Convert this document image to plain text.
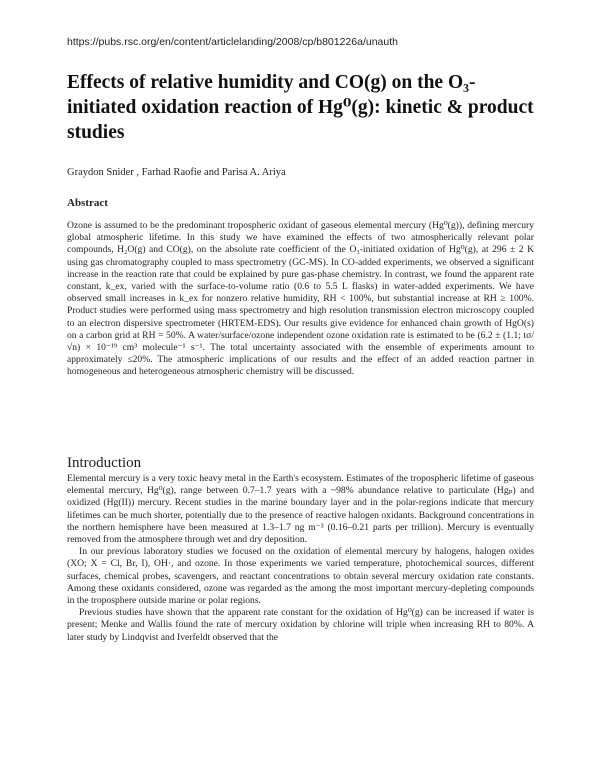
https://pubs.rsc.org/en/content/articlelanding/2008/cp/b801226a/unauth
Effects of relative humidity and CO(g) on the O₃-initiated oxidation reaction of Hg⁰(g): kinetic & product studies
Graydon Snider , Farhad Raofie and Parisa A. Ariya
Abstract

Ozone is assumed to be the predominant tropospheric oxidant of gaseous elemental mercury (Hg⁰(g)), defining mercury global atmospheric lifetime. In this study we have examined the effects of two atmospherically relevant polar compounds, H₂O(g) and CO(g), on the absolute rate coefficient of the O₃-initiated oxidation of Hg⁰(g), at 296 ± 2 K using gas chromatography coupled to mass spectrometry (GC-MS). In CO-added experiments, we observed a significant increase in the reaction rate that could be explained by pure gas-phase chemistry. In contrast, we found the apparent rate constant, k_ex, varied with the surface-to-volume ratio (0.6 to 5.5 L flasks) in water-added experiments. We have observed small increases in k_ex for nonzero relative humidity, RH < 100%, but substantial increase at RH ≥ 100%. Product studies were performed using mass spectrometry and high resolution transmission electron microscopy coupled to an electron dispersive spectrometer (HRTEM-EDS). Our results give evidence for enhanced chain growth of HgO(s) on a carbon grid at RH = 50%. A water/surface/ozone independent ozone oxidation rate is estimated to be (6.2 ± (1.1; tσ/√n) × 10⁻¹⁹ cm³ molecule⁻¹ s⁻¹. The total uncertainty associated with the ensemble of experiments amount to approximately ≤20%. The atmospheric implications of our results and the effect of an added reaction partner in homogeneous and heterogeneous atmospheric chemistry will be discussed.

Introduction

Elemental mercury is a very toxic heavy metal in the Earth's ecosystem. Estimates of the tropospheric lifetime of gaseous elemental mercury, Hg⁰(g), range between 0.7–1.7 years with a ~98% abundance relative to particulate (Hgₚ) and oxidized (Hg(II)) mercury. Recent studies in the marine boundary layer and in the polar-regions indicate that mercury lifetimes can be much shorter, potentially due to the presence of reactive halogen oxidants. Background concentrations in the northern hemisphere have been measured at 1.3–1.7 ng m⁻³ (0.16–0.21 parts per trillion). Mercury is eventually removed from the atmosphere through wet and dry deposition.

In our previous laboratory studies we focused on the oxidation of elemental mercury by halogens, halogen oxides (XO; X = Cl, Br, I), OH·, and ozone. In those experiments we varied temperature, photochemical sources, different surfaces, chemical probes, scavengers, and reactant concentrations to obtain several mercury oxidation rate constants. Among these oxidants considered, ozone was regarded as the among the most important mercury-depleting compounds in the troposphere outside marine or polar regions.

Previous studies have shown that the apparent rate constant for the oxidation of Hg⁰(g) can be increased if water is present; Menke and Wallis found the rate of mercury oxidation by chlorine will triple when increasing RH to 80%. A later study by Lindqvist and Iverfeldt observed that the
